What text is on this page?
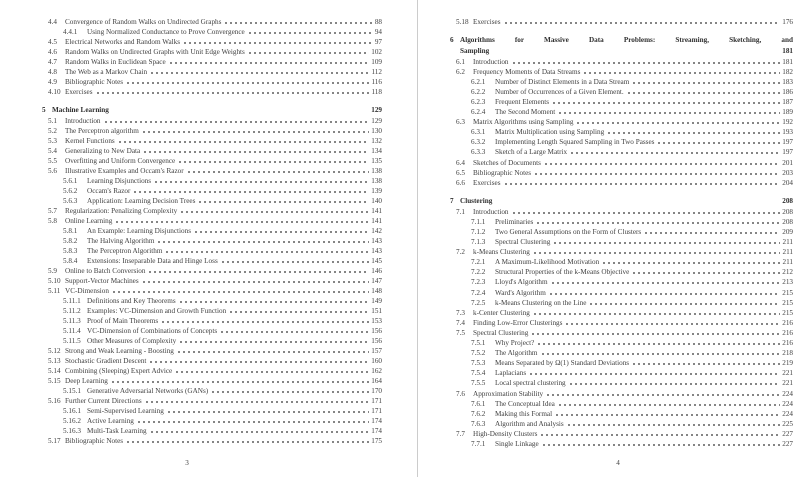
4.4	Convergence of Random Walks on Undirected Graphs	88
4.4.1	Using Normalized Conductance to Prove Convergence	94
4.5	Electrical Networks and Random Walks	97
4.6	Random Walks on Undirected Graphs with Unit Edge Weights	102
4.7	Random Walks in Euclidean Space	109
4.8	The Web as a Markov Chain	112
4.9	Bibliographic Notes	116
4.10 Exercises	118
5 Machine Learning	129
5.1	Introduction	129
5.2	The Perceptron algorithm	130
5.3	Kernel Functions	132
5.4	Generalizing to New Data	134
5.5	Overfitting and Uniform Convergence	135
5.6	Illustrative Examples and Occam's Razor	138
5.6.1	Learning Disjunctions	138
5.6.2	Occam's Razor	139
5.6.3	Application: Learning Decision Trees	140
5.7	Regularization: Penalizing Complexity	141
5.8	Online Learning	141
5.8.1	An Example: Learning Disjunctions	142
5.8.2	The Halving Algorithm	143
5.8.3	The Perceptron Algorithm	143
5.8.4	Extensions: Inseparable Data and Hinge Loss	145
5.9	Online to Batch Conversion	146
5.10 Support-Vector Machines	147
5.11 VC-Dimension	148
5.11.1 Definitions and Key Theorems	149
5.11.2 Examples: VC-Dimension and Growth Function	151
5.11.3 Proof of Main Theorems	153
5.11.4 VC-Dimension of Combinations of Concepts	156
5.11.5 Other Measures of Complexity	156
5.12 Strong and Weak Learning - Boosting	157
5.13 Stochastic Gradient Descent	160
5.14 Combining (Sleeping) Expert Advice	162
5.15 Deep Learning	164
5.15.1 Generative Adversarial Networks (GANs)	170
5.16 Further Current Directions	171
5.16.1 Semi-Supervised Learning	171
5.16.2 Active Learning	174
5.16.3 Multi-Task Learning	174
5.17 Bibliographic Notes	175
3
5.18 Exercises	176
6 Algorithms for Massive Data Problems: Streaming, Sketching, and
Sampling	181
6.1	Introduction	181
6.2	Frequency Moments of Data Streams	182
6.2.1	Number of Distinct Elements in a Data Stream	183
6.2.2	Number of Occurrences of a Given Element.	186
6.2.3	Frequent Elements	187
6.2.4	The Second Moment	189
6.3	Matrix Algorithms using Sampling	192
6.3.1	Matrix Multiplication using Sampling	193
6.3.2	Implementing Length Squared Sampling in Two Passes	197
6.3.3	Sketch of a Large Matrix	197
6.4	Sketches of Documents	201
6.5	Bibliographic Notes	203
6.6	Exercises	204
7 Clustering	208
7.1	Introduction	208
7.1.1	Preliminaries	208
7.1.2	Two General Assumptions on the Form of Clusters	209
7.1.3	Spectral Clustering	211
7.2	k-Means Clustering	211
7.2.1	A Maximum-Likelihood Motivation	211
7.2.2	Structural Properties of the k-Means Objective	212
7.2.3	Lloyd's Algorithm	213
7.2.4	Ward's Algorithm	215
7.2.5	k-Means Clustering on the Line	215
7.3	k-Center Clustering	215
7.4	Finding Low-Error Clusterings	216
7.5	Spectral Clustering	216
7.5.1	Why Project?	216
7.5.2	The Algorithm	218
7.5.3	Means Separated by Ω(1) Standard Deviations	219
7.5.4	Laplacians	221
7.5.5	Local spectral clustering	221
7.6	Approximation Stability	224
7.6.1	The Conceptual Idea	224
7.6.2	Making this Formal	224
7.6.3	Algorithm and Analysis	225
7.7	High-Density Clusters	227
7.7.1	Single Linkage	227
4
